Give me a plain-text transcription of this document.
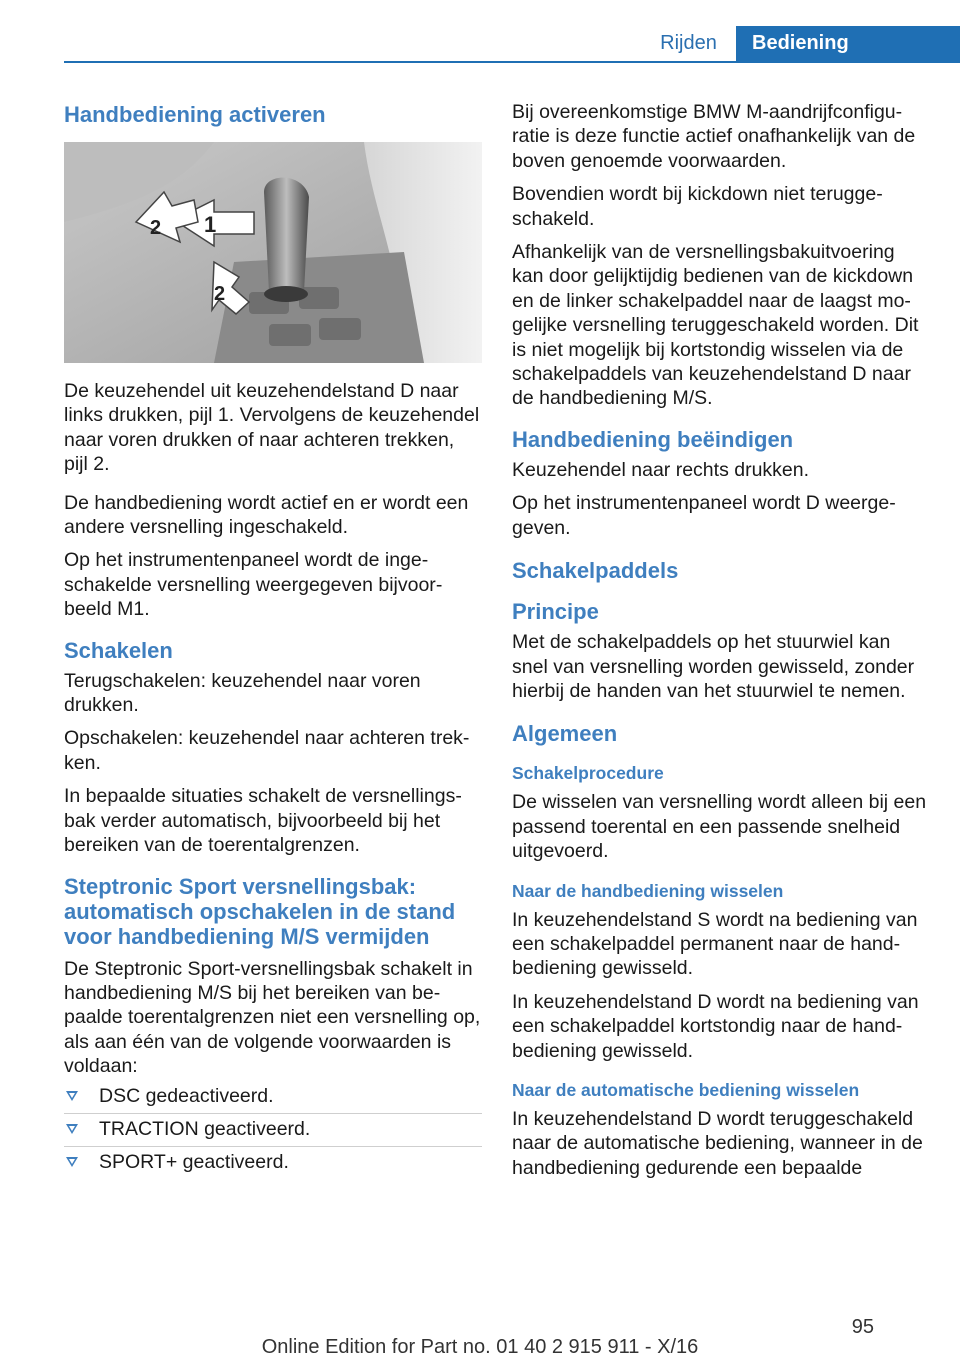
Rijden	Bediening
Handbediening activeren
1
2
2

De keuzehendel uit keuzehendelstand D naar links drukken, pijl 1. Vervolgens de keuzehendel naar voren drukken of naar achteren trekken, pijl 2.

De handbediening wordt actief en er wordt een andere versnelling ingeschakeld.

Op het instrumentenpaneel wordt de ingeschakelde versnelling weergegeven bijvoorbeeld M1.

Schakelen

Terugschakelen: keuzehendel naar voren drukken.

Opschakelen: keuzehendel naar achteren trekken.

In bepaalde situaties schakelt de versnellingsbak verder automatisch, bijvoorbeeld bij het bereiken van de toerentalgrenzen.

Steptronic Sport versnellingsbak: automatisch opschakelen in de stand voor handbediening M/S vermijden

De Steptronic Sport-versnellingsbak schakelt in handbediening M/S bij het bereiken van bepaalde toerentalgrenzen niet een versnelling op, als aan één van de volgende voorwaarden is voldaan:

DSC gedeactiveerd.
TRACTION geactiveerd.
SPORT+ geactiveerd.

Bij overeenkomstige BMW M-aandrijfconfiguratie is deze functie actief onafhankelijk van de boven genoemde voorwaarden.

Bovendien wordt bij kickdown niet teruggeschakeld.

Afhankelijk van de versnellingsbakuitvoering kan door gelijktijdig bedienen van de kickdown en de linker schakelpaddel naar de laagst mogelijke versnelling teruggeschakeld worden. Dit is niet mogelijk bij kortstondig wisselen via de schakelpaddels van keuzehendelstand D naar de handbediening M/S.

Handbediening beëindigen

Keuzehendel naar rechts drukken.

Op het instrumentenpaneel wordt D weergegeven.

Schakelpaddels
Principe

Met de schakelpaddels op het stuurwiel kan snel van versnelling worden gewisseld, zonder hierbij de handen van het stuurwiel te nemen.

Algemeen
Schakelprocedure

De wisselen van versnelling wordt alleen bij een passend toerental en een passende snelheid uitgevoerd.

Naar de handbediening wisselen

In keuzehendelstand S wordt na bediening van een schakelpaddel permanent naar de handbediening gewisseld.

In keuzehendelstand D wordt na bediening van een schakelpaddel kortstondig naar de handbediening gewisseld.

Naar de automatische bediening wisselen

In keuzehendelstand D wordt teruggeschakeld naar de automatische bediening, wanneer in de handbediening gedurende een bepaalde

95
Online Edition for Part no. 01 40 2 915 911 - X/16
